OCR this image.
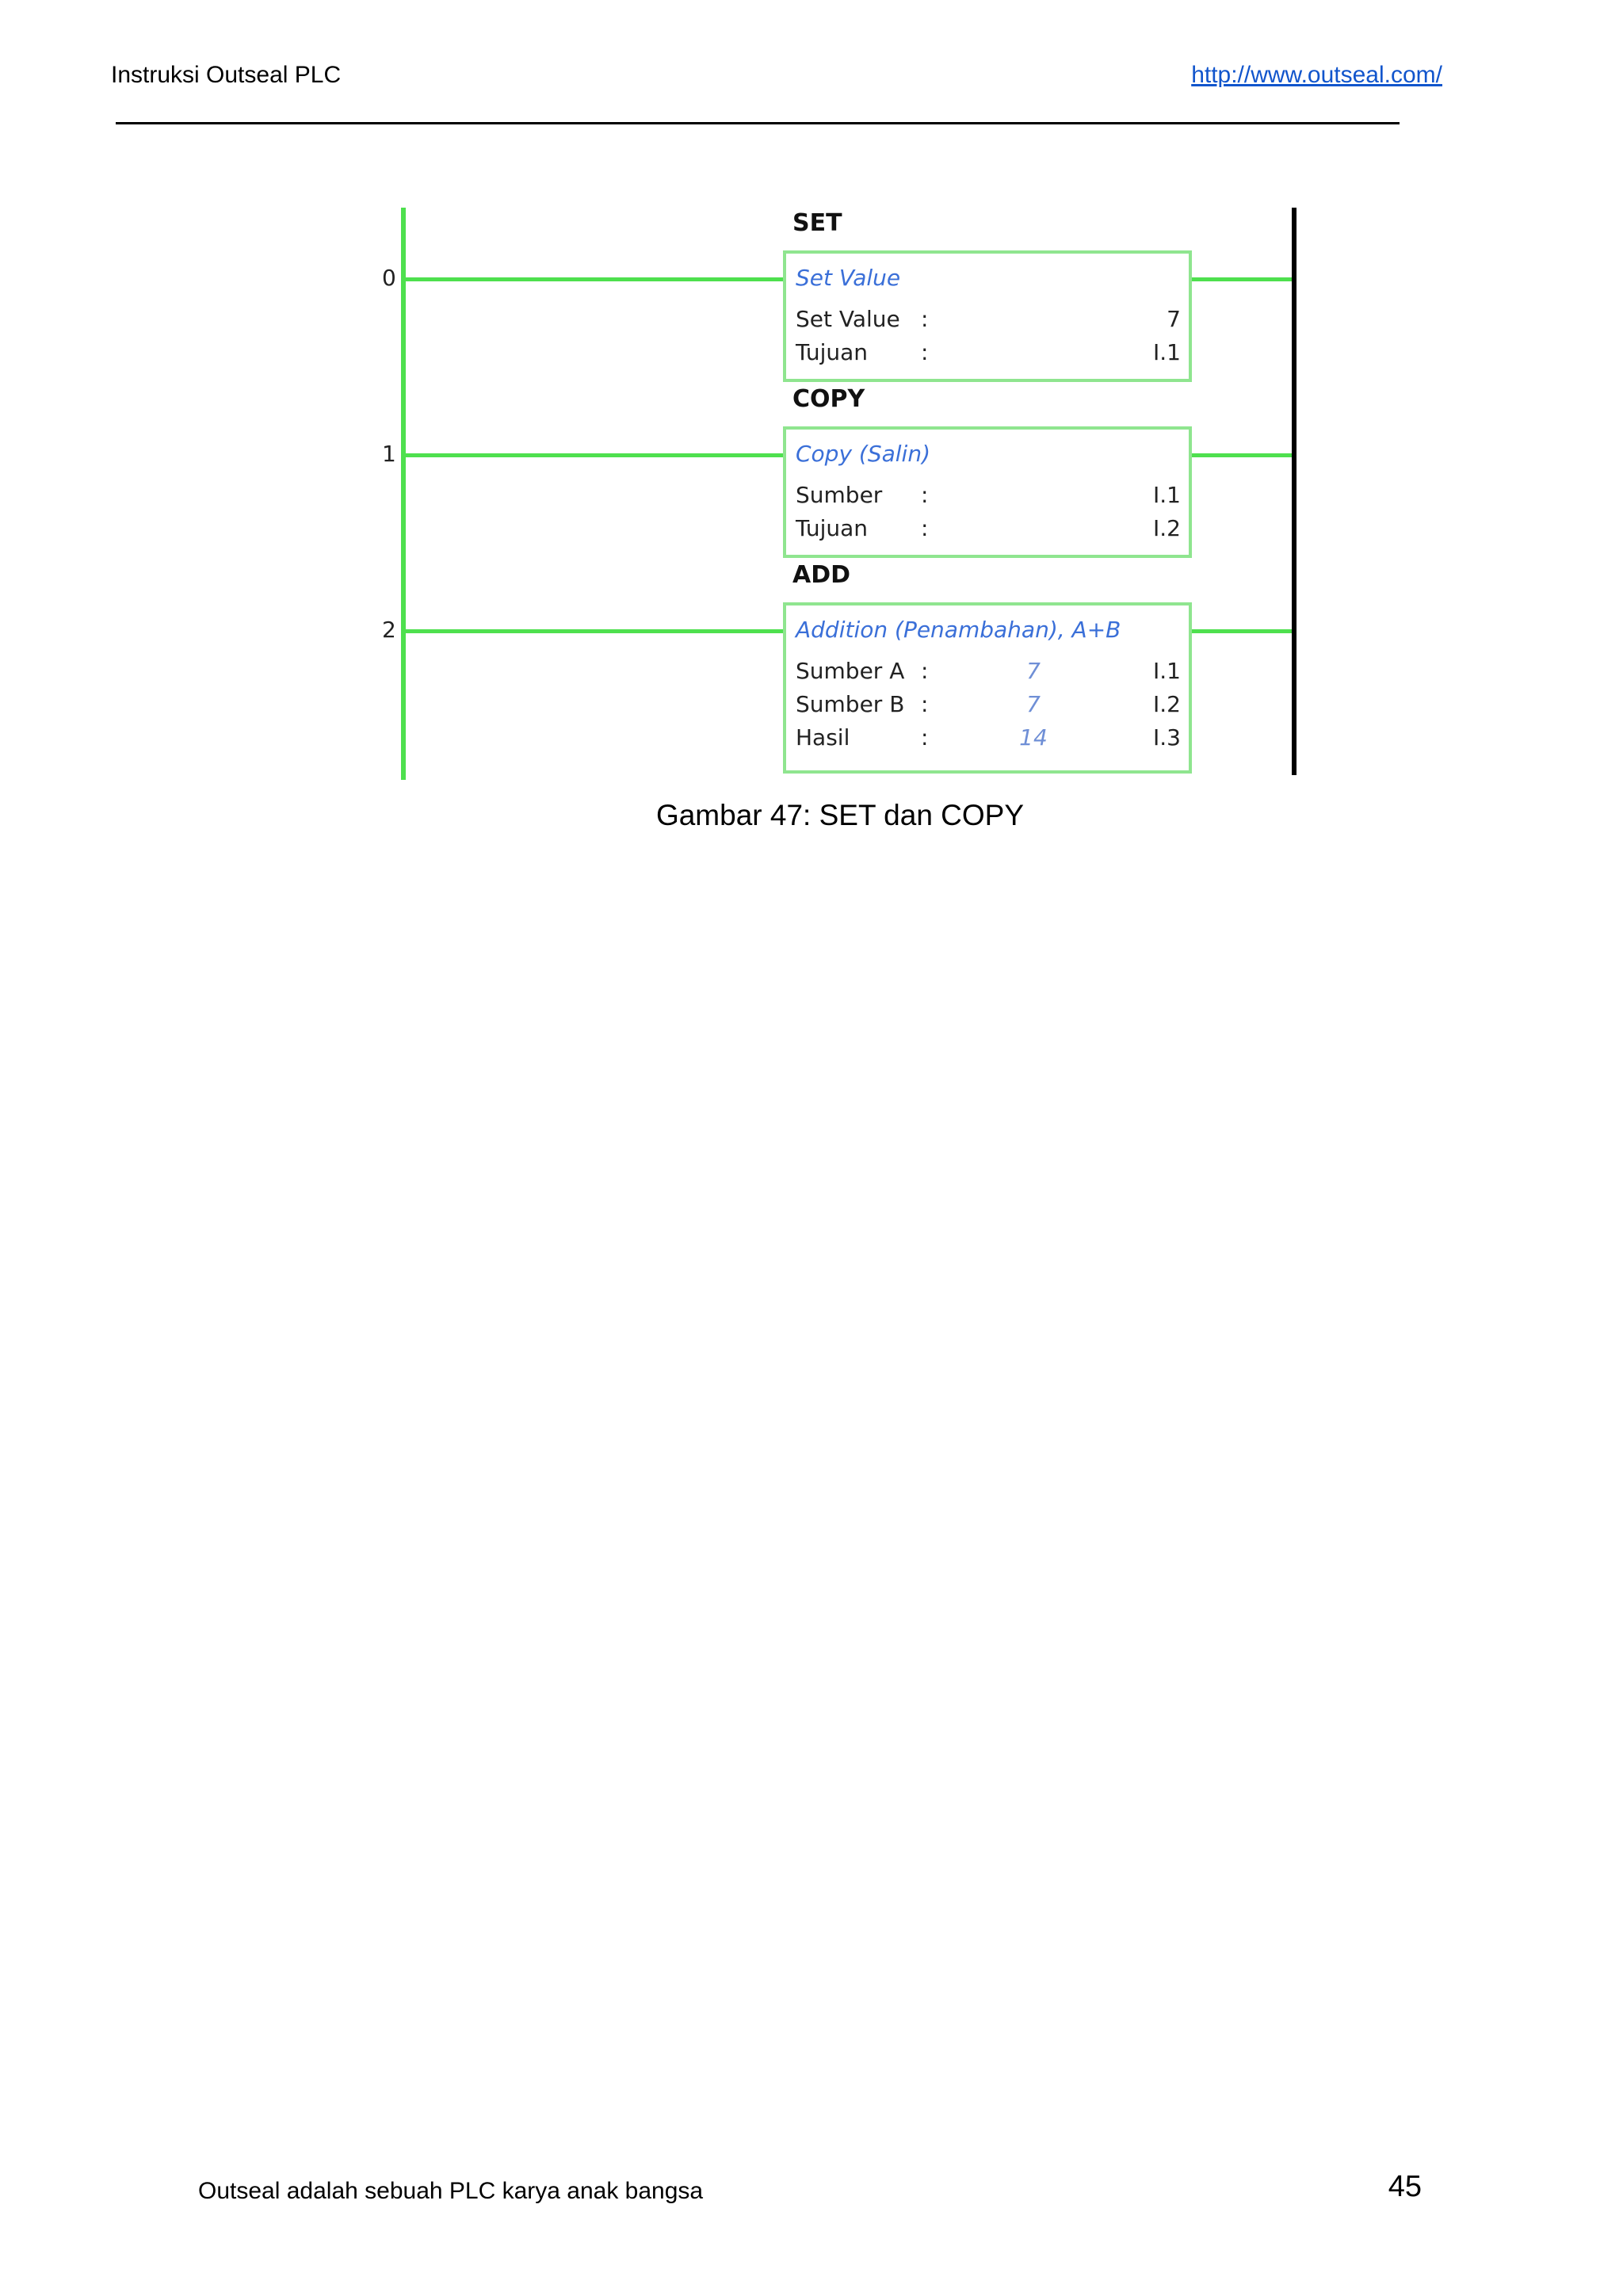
Instruksi Outseal PLC	http://www.outseal.com/
0
SET
Set Value
Set Value :	7
Tujuan :	I.1
1
COPY
Copy (Salin)
Sumber :	I.1
Tujuan :	I.2
2
ADD
Addition (Penambahan), A+B
Sumber A :	7	I.1
Sumber B :	7	I.2
Hasil	:	14	I.3
Gambar 47: SET dan COPY
Outseal adalah sebuah PLC karya anak bangsa	45
